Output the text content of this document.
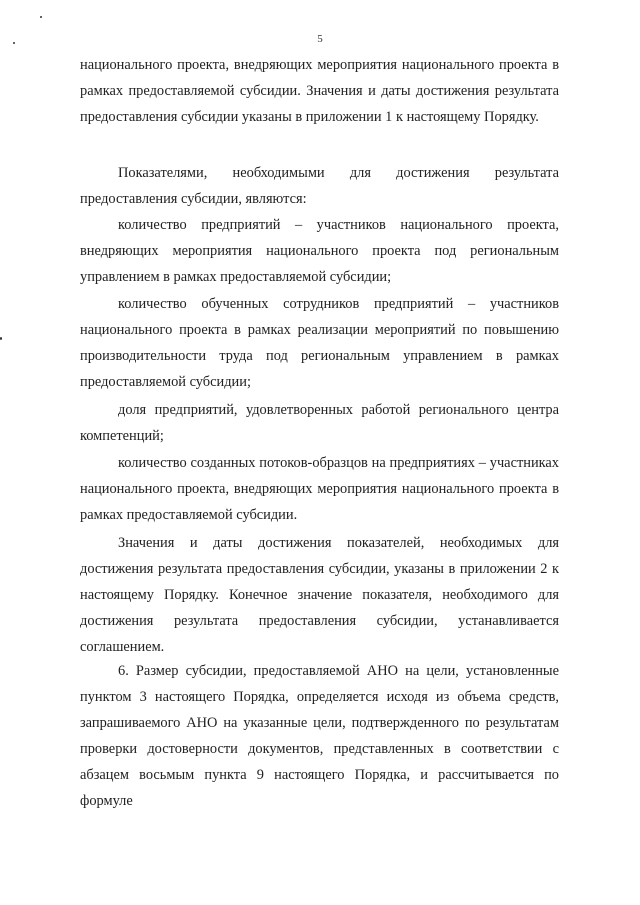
5
национального проекта, внедряющих мероприятия национального проекта в рамках предоставляемой субсидии. Значения и даты достижения результата предоставления субсидии указаны в приложении 1 к настоящему Порядку.
Показателями, необходимыми для достижения результата предоставления субсидии, являются:
количество предприятий – участников национального проекта, внедряющих мероприятия национального проекта под региональным управлением в рамках предоставляемой субсидии;
количество обученных сотрудников предприятий – участников национального проекта в рамках реализации мероприятий по повышению производительности труда под региональным управлением в рамках предоставляемой субсидии;
доля предприятий, удовлетворенных работой регионального центра компетенций;
количество созданных потоков-образцов на предприятиях – участниках национального проекта, внедряющих мероприятия национального проекта в рамках предоставляемой субсидии.
Значения и даты достижения показателей, необходимых для достижения результата предоставления субсидии, указаны в приложении 2 к настоящему Порядку. Конечное значение показателя, необходимого для достижения результата предоставления субсидии, устанавливается соглашением.
6. Размер субсидии, предоставляемой АНО на цели, установленные пунктом 3 настоящего Порядка, определяется исходя из объема средств, запрашиваемого АНО на указанные цели, подтвержденного по результатам проверки достоверности документов, представленных в соответствии с абзацем восьмым пункта 9 настоящего Порядка, и рассчитывается по формуле
